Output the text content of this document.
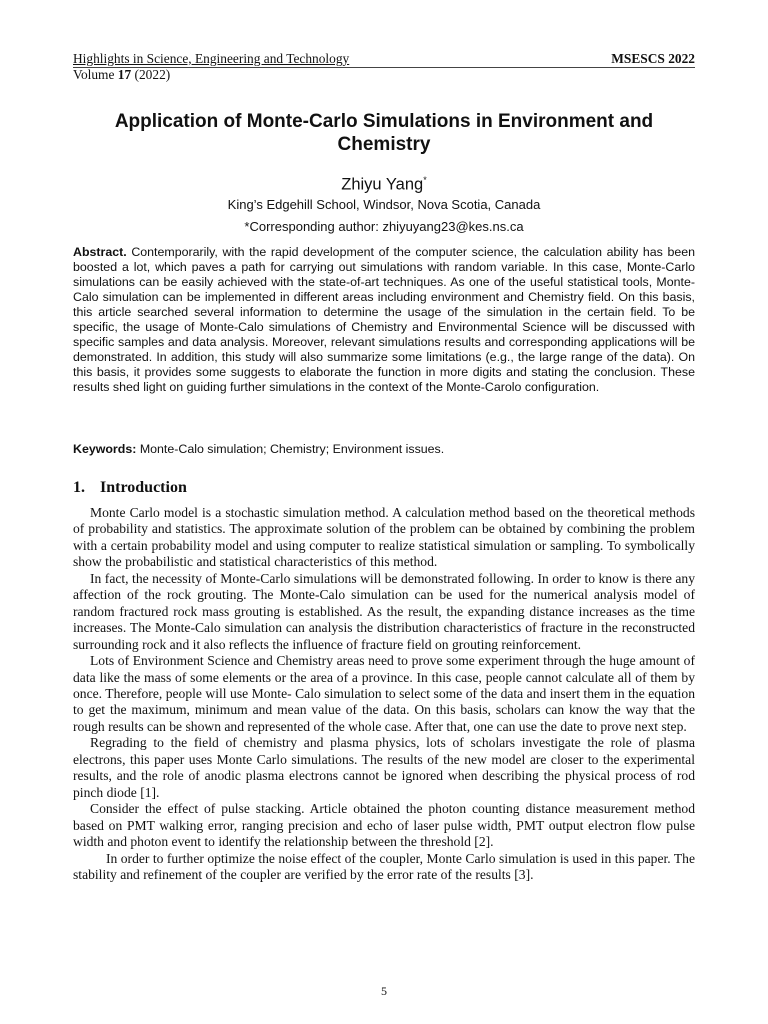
Highlights in Science, Engineering and Technology	MSESCS 2022
Volume 17 (2022)
Application of Monte-Carlo Simulations in Environment and Chemistry
Zhiyu Yang*
King’s Edgehill School, Windsor, Nova Scotia, Canada
*Corresponding author: zhiyuyang23@kes.ns.ca

Abstract. Contemporarily, with the rapid development of the computer science, the calculation ability has been boosted a lot, which paves a path for carrying out simulations with random variable. In this case, Monte-Carlo simulations can be easily achieved with the state-of-art techniques. As one of the useful statistical tools, Monte-Calo simulation can be implemented in different areas including environment and Chemistry field. On this basis, this article searched several information to determine the usage of the simulation in the certain field. To be specific, the usage of Monte-Calo simulations of Chemistry and Environmental Science will be discussed with specific samples and data analysis. Moreover, relevant simulations results and corresponding applications will be demonstrated. In addition, this study will also summarize some limitations (e.g., the large range of the data). On this basis, it provides some suggests to elaborate the function in more digits and stating the conclusion. These results shed light on guiding further simulations in the context of the Monte-Carolo configuration.

Keywords: Monte-Calo simulation; Chemistry; Environment issues.

1. Introduction

Monte Carlo model is a stochastic simulation method. A calculation method based on the theoretical methods of probability and statistics. The approximate solution of the problem can be obtained by combining the problem with a certain probability model and using computer to realize statistical simulation or sampling. To symbolically show the probabilistic and statistical characteristics of this method.

In fact, the necessity of Monte-Carlo simulations will be demonstrated following. In order to know is there any affection of the rock grouting. The Monte-Calo simulation can be used for the numerical analysis model of random fractured rock mass grouting is established. As the result, the expanding distance increases as the time increases. The Monte-Calo simulation can analysis the distribution characteristics of fracture in the reconstructed surrounding rock and it also reflects the influence of fracture field on grouting reinforcement.

Lots of Environment Science and Chemistry areas need to prove some experiment through the huge amount of data like the mass of some elements or the area of a province. In this case, people cannot calculate all of them by once. Therefore, people will use Monte- Calo simulation to select some of the data and insert them in the equation to get the maximum, minimum and mean value of the data. On this basis, scholars can know the way that the rough results can be shown and represented of the whole case. After that, one can use the date to prove next step.

Regrading to the field of chemistry and plasma physics, lots of scholars investigate the role of plasma electrons, this paper uses Monte Carlo simulations. The results of the new model are closer to the experimental results, and the role of anodic plasma electrons cannot be ignored when describing the physical process of rod pinch diode [1].

Consider the effect of pulse stacking. Article obtained the photon counting distance measurement method based on PMT walking error, ranging precision and echo of laser pulse width, PMT output electron flow pulse width and photon event to identify the relationship between the threshold [2].

In order to further optimize the noise effect of the coupler, Monte Carlo simulation is used in this paper. The stability and refinement of the coupler are verified by the error rate of the results [3].

5
